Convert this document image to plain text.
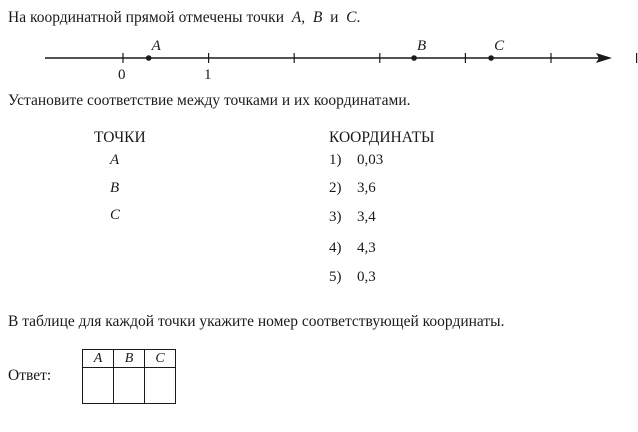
На координатной прямой отмечены точки A, B и C.
A	B	C
0	1
Установите соответствие между точками и их координатами.
ТОЧКИ
A
B
C
КООРДИНАТЫ
1) 0,03
2) 3,6
3) 3,4
4) 4,3
5) 0,3
В таблице для каждой точки укажите номер соответствующей координаты.
Ответ:
A	B	C
